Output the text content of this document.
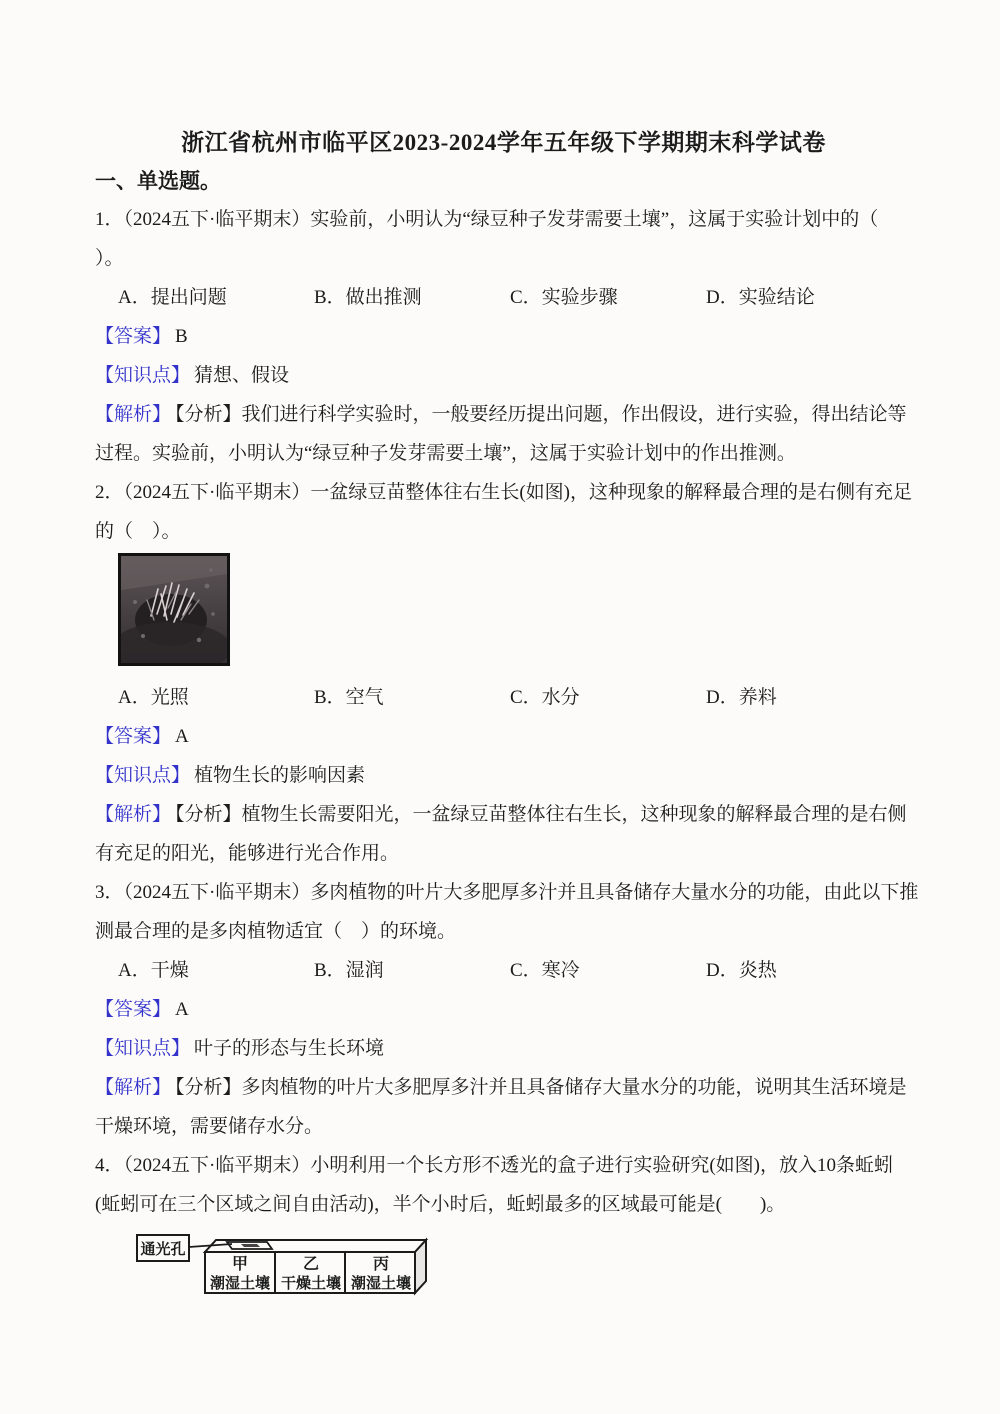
浙江省杭州市临平区2023-2024学年五年级下学期期末科学试卷
一、单选题。
1．（2024五下·临平期末）实验前，小明认为“绿豆种子发芽需要土壤”，这属于实验计划中的（
）。
A．提出问题	B．做出推测	C．实验步骤	D．实验结论
【答案】 B
【知识点】 猜想、假设
【解析】 【分析】我们进行科学实验时，一般要经历提出问题，作出假设，进行实验，得出结论等
过程。实验前，小明认为“绿豆种子发芽需要土壤”，这属于实验计划中的作出推测。
2．（2024五下·临平期末）一盆绿豆苗整体往右生长(如图)，这种现象的解释最合理的是右侧有充足
的（　）。
A．光照	B．空气	C．水分	D．养料
【答案】 A
【知识点】 植物生长的影响因素
【解析】 【分析】植物生长需要阳光，一盆绿豆苗整体往右生长，这种现象的解释最合理的是右侧
有充足的阳光，能够进行光合作用。
3．（2024五下·临平期末）多肉植物的叶片大多肥厚多汁并且具备储存大量水分的功能，由此以下推
测最合理的是多肉植物适宜（　）的环境。
A．干燥	B．湿润	C．寒冷	D．炎热
【答案】 A
【知识点】 叶子的形态与生长环境
【解析】 【分析】多肉植物的叶片大多肥厚多汁并且具备储存大量水分的功能，说明其生活环境是
干燥环境，需要储存水分。
4．（2024五下·临平期末）小明利用一个长方形不透光的盒子进行实验研究(如图)，放入10条蚯蚓
(蚯蚓可在三个区域之间自由活动)，半个小时后，蚯蚓最多的区域最可能是(　　)。
通光孔
甲
潮湿土壤
乙
干燥土壤
丙
潮湿土壤
